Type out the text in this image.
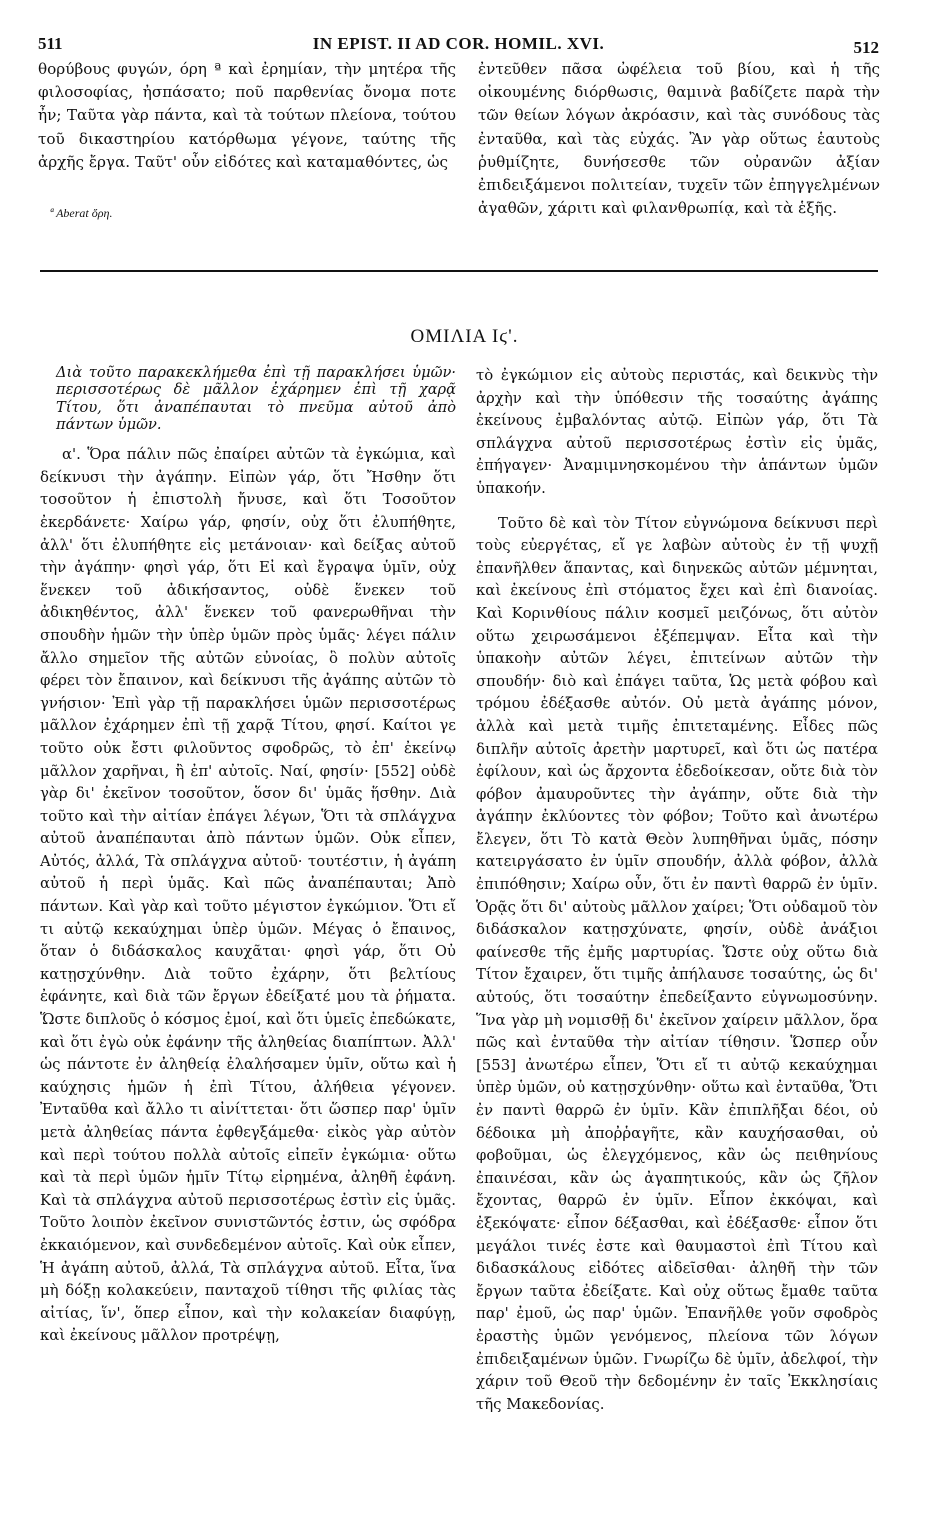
511	IN EPIST. II AD COR. HOMIL. XVI.	512

θορύβους φυγών, όρη ª καὶ ἐρημίαν, τὴν μητέρα τῆς φιλοσοφίας, ἠσπάσατο; ποῦ παρθενίας ὄνομα ποτε ἦν; Ταῦτα γὰρ πάντα, καὶ τὰ τούτων πλείονα, τούτου τοῦ δικαστηρίου κατόρθωμα γέγονε, ταύτης τῆς ἀρχῆς ἔργα. Ταῦτ' οὖν εἰδότες καὶ καταμαθόντες, ὡς

ª Aberat ὄρη.

ἐντεῦθεν πᾶσα ὠφέλεια τοῦ βίου, καὶ ἡ τῆς οἰκουμένης διόρθωσις, θαμινὰ βαδίζετε παρὰ τὴν τῶν θείων λόγων ἀκρόασιν, καὶ τὰς συνόδους τὰς ἐνταῦθα, καὶ τὰς εὐχάς. Ἂν γὰρ οὕτως ἑαυτοὺς ῥυθμίζητε, δυνήσεσθε τῶν οὐρανῶν ἀξίαν ἐπιδειξάμενοι πολιτείαν, τυχεῖν τῶν ἐπηγγελμένων ἀγαθῶν, χάριτι καὶ φιλανθρωπίᾳ, καὶ τὰ ἑξῆς.

ΟΜΙΛΙΑ Ιϛ'.

Διὰ τοῦτο παρακεκλήμεθα ἐπὶ τῇ παρακλήσει ὑμῶν· περισσοτέρως δὲ μᾶλλον ἐχάρημεν ἐπὶ τῇ χαρᾷ Τίτου, ὅτι ἀναπέπαυται τὸ πνεῦμα αὐτοῦ ἀπὸ πάντων ὑμῶν.

α'. Ὅρα πάλιν πῶς ἐπαίρει αὐτῶν τὰ ἐγκώμια, καὶ δείκνυσι τὴν ἀγάπην. Εἰπὼν γάρ, ὅτι Ἤσθην ὅτι τοσοῦτον ἡ ἐπιστολὴ ἤνυσε, καὶ ὅτι Τοσοῦτον ἐκερδάνετε· Χαίρω γάρ, φησίν, οὐχ ὅτι ἐλυπήθητε, ἀλλ' ὅτι ἐλυπήθητε εἰς μετάνοιαν· καὶ δείξας αὐτοῦ τὴν ἀγάπην· φησὶ γάρ, ὅτι Εἰ καὶ ἔγραψα ὑμῖν, οὐχ ἕνεκεν τοῦ ἀδικήσαντος, οὐδὲ ἕνεκεν τοῦ ἀδικηθέντος, ἀλλ' ἕνεκεν τοῦ φανερωθῆναι τὴν σπουδὴν ἡμῶν τὴν ὑπὲρ ὑμῶν πρὸς ὑμᾶς· λέγει πάλιν ἄλλο σημεῖον τῆς αὐτῶν εὐνοίας, ὃ πολὺν αὐτοῖς φέρει τὸν ἔπαινον, καὶ δείκνυσι τῆς ἀγάπης αὐτῶν τὸ γνήσιον· Ἐπὶ γὰρ τῇ παρακλήσει ὑμῶν περισσοτέρως μᾶλλον ἐχάρημεν ἐπὶ τῇ χαρᾷ Τίτου, φησί. Καίτοι γε τοῦτο οὐκ ἔστι φιλοῦντος σφοδρῶς, τὸ ἐπ' ἐκείνῳ μᾶλλον χαρῆναι, ἢ ἐπ' αὐτοῖς. Ναί, φησίν· [552] οὐδὲ γὰρ δι' ἐκεῖνον τοσοῦτον, ὅσον δι' ὑμᾶς ἥσθην. Διὰ τοῦτο καὶ τὴν αἰτίαν ἐπάγει λέγων, Ὅτι τὰ σπλάγχνα αὐτοῦ ἀναπέπαυται ἀπὸ πάντων ὑμῶν. Οὐκ εἶπεν, Αὐτός, ἀλλά, Τὰ σπλάγχνα αὐτοῦ· τουτέστιν, ἡ ἀγάπη αὐτοῦ ἡ περὶ ὑμᾶς. Καὶ πῶς ἀναπέπαυται; Ἀπὸ πάντων. Καὶ γὰρ καὶ τοῦτο μέγιστον ἐγκώμιον. Ὅτι εἴ τι αὐτῷ κεκαύχημαι ὑπὲρ ὑμῶν. Μέγας ὁ ἔπαινος, ὅταν ὁ διδάσκαλος καυχᾶται· φησὶ γάρ, ὅτι Οὐ κατῃσχύνθην. Διὰ τοῦτο ἐχάρην, ὅτι βελτίους ἐφάνητε, καὶ διὰ τῶν ἔργων ἐδείξατέ μου τὰ ῥήματα. Ὥστε διπλοῦς ὁ κόσμος ἐμοί, καὶ ὅτι ὑμεῖς ἐπεδώκατε, καὶ ὅτι ἐγὼ οὐκ ἐφάνην τῆς ἀληθείας διαπίπτων. Ἀλλ' ὡς πάντοτε ἐν ἀληθείᾳ ἐλαλήσαμεν ὑμῖν, οὕτω καὶ ἡ καύχησις ἡμῶν ἡ ἐπὶ Τίτου, ἀλήθεια γέγονεν. Ἐνταῦθα καὶ ἄλλο τι αἰνίττεται· ὅτι ὥσπερ παρ' ὑμῖν μετὰ ἀληθείας πάντα ἐφθεγξάμεθα· εἰκὸς γὰρ αὐτὸν καὶ περὶ τούτου πολλὰ αὐτοῖς εἰπεῖν ἐγκώμια· οὕτω καὶ τὰ περὶ ὑμῶν ἡμῖν Τίτῳ εἰρημένα, ἀληθῆ ἐφάνη. Καὶ τὰ σπλάγχνα αὐτοῦ περισσοτέρως ἐστὶν εἰς ὑμᾶς. Τοῦτο λοιπὸν ἐκεῖνον συνιστῶντός ἐστιν, ὡς σφόδρα ἐκκαιόμενον, καὶ συνδεδεμένον αὐτοῖς. Καὶ οὐκ εἶπεν, Ἡ ἀγάπη αὐτοῦ, ἀλλά, Τὰ σπλάγχνα αὐτοῦ. Εἶτα, ἵνα μὴ δόξῃ κολακεύειν, πανταχοῦ τίθησι τῆς φιλίας τὰς αἰτίας, ἵν', ὅπερ εἶπον, καὶ τὴν κολακείαν διαφύγῃ, καὶ ἐκείνους μᾶλλον προτρέψῃ,

τὸ ἐγκώμιον εἰς αὐτοὺς περιστάς, καὶ δεικνὺς τὴν ἀρχὴν καὶ τὴν ὑπόθεσιν τῆς τοσαύτης ἀγάπης ἐκείνους ἐμβαλόντας αὐτῷ. Εἰπὼν γάρ, ὅτι Τὰ σπλάγχνα αὐτοῦ περισσοτέρως ἐστὶν εἰς ὑμᾶς, ἐπήγαγεν· Ἀναμιμνησκομένου τὴν ἁπάντων ὑμῶν ὑπακοήν.

Τοῦτο δὲ καὶ τὸν Τίτον εὐγνώμονα δείκνυσι περὶ τοὺς εὐεργέτας, εἴ γε λαβὼν αὐτοὺς ἐν τῇ ψυχῇ ἐπανῆλθεν ἅπαντας, καὶ διηνεκῶς αὐτῶν μέμνηται, καὶ ἐκείνους ἐπὶ στόματος ἔχει καὶ ἐπὶ διανοίας. Καὶ Κορινθίους πάλιν κοσμεῖ μειζόνως, ὅτι αὐτὸν οὕτω χειρωσάμενοι ἐξέπεμψαν. Εἶτα καὶ τὴν ὑπακοὴν αὐτῶν λέγει, ἐπιτείνων αὐτῶν τὴν σπουδήν· διὸ καὶ ἐπάγει ταῦτα, Ὡς μετὰ φόβου καὶ τρόμου ἐδέξασθε αὐτόν. Οὐ μετὰ ἀγάπης μόνον, ἀλλὰ καὶ μετὰ τιμῆς ἐπιτεταμένης. Εἶδες πῶς διπλῆν αὐτοῖς ἀρετὴν μαρτυρεῖ, καὶ ὅτι ὡς πατέρα ἐφίλουν, καὶ ὡς ἄρχοντα ἐδεδοίκεσαν, οὔτε διὰ τὸν φόβον ἀμαυροῦντες τὴν ἀγάπην, οὔτε διὰ τὴν ἀγάπην ἐκλύοντες τὸν φόβον; Τοῦτο καὶ ἀνωτέρω ἔλεγεν, ὅτι Τὸ κατὰ Θεὸν λυπηθῆναι ὑμᾶς, πόσην κατειργάσατο ἐν ὑμῖν σπουδήν, ἀλλὰ φόβον, ἀλλὰ ἐπιπόθησιν; Χαίρω οὖν, ὅτι ἐν παντὶ θαρρῶ ἐν ὑμῖν. Ὁρᾷς ὅτι δι' αὐτοὺς μᾶλλον χαίρει; Ὅτι οὐδαμοῦ τὸν διδάσκαλον κατῃσχύνατε, φησίν, οὐδὲ ἀνάξιοι φαίνεσθε τῆς ἐμῆς μαρτυρίας. Ὥστε οὐχ οὕτω διὰ Τίτον ἔχαιρεν, ὅτι τιμῆς ἀπήλαυσε τοσαύτης, ὡς δι' αὐτούς, ὅτι τοσαύτην ἐπεδείξαντο εὐγνωμοσύνην. Ἵνα γὰρ μὴ νομισθῇ δι' ἐκεῖνον χαίρειν μᾶλλον, ὅρα πῶς καὶ ἐνταῦθα τὴν αἰτίαν τίθησιν. Ὥσπερ οὖν [553] ἀνωτέρω εἶπεν, Ὅτι εἴ τι αὐτῷ κεκαύχημαι ὑπὲρ ὑμῶν, οὐ κατῃσχύνθην· οὕτω καὶ ἐνταῦθα, Ὅτι ἐν παντὶ θαρρῶ ἐν ὑμῖν. Κἂν ἐπιπλῆξαι δέοι, οὐ δέδοικα μὴ ἀποῤῥαγῆτε, κἂν καυχήσασθαι, οὐ φοβοῦμαι, ὡς ἐλεγχόμενος, κἂν ὡς πειθηνίους ἐπαινέσαι, κἂν ὡς ἀγαπητικούς, κἂν ὡς ζῆλον ἔχοντας, θαρρῶ ἐν ὑμῖν. Εἶπον ἐκκόψαι, καὶ ἐξεκόψατε· εἶπον δέξασθαι, καὶ ἐδέξασθε· εἶπον ὅτι μεγάλοι τινές ἐστε καὶ θαυμαστοὶ ἐπὶ Τίτου καὶ διδασκάλους εἰδότες αἰδεῖσθαι· ἀληθῆ τὴν τῶν ἔργων ταῦτα ἐδείξατε. Καὶ οὐχ οὕτως ἔμαθε ταῦτα παρ' ἐμοῦ, ὡς παρ' ὑμῶν. Ἐπανῆλθε γοῦν σφοδρὸς ἐραστὴς ὑμῶν γενόμενος, πλείονα τῶν λόγων ἐπιδειξαμένων ὑμῶν. Γνωρίζω δὲ ὑμῖν, ἀδελφοί, τὴν χάριν τοῦ Θεοῦ τὴν δεδομένην ἐν ταῖς Ἐκκλησίαις τῆς Μακεδονίας.
